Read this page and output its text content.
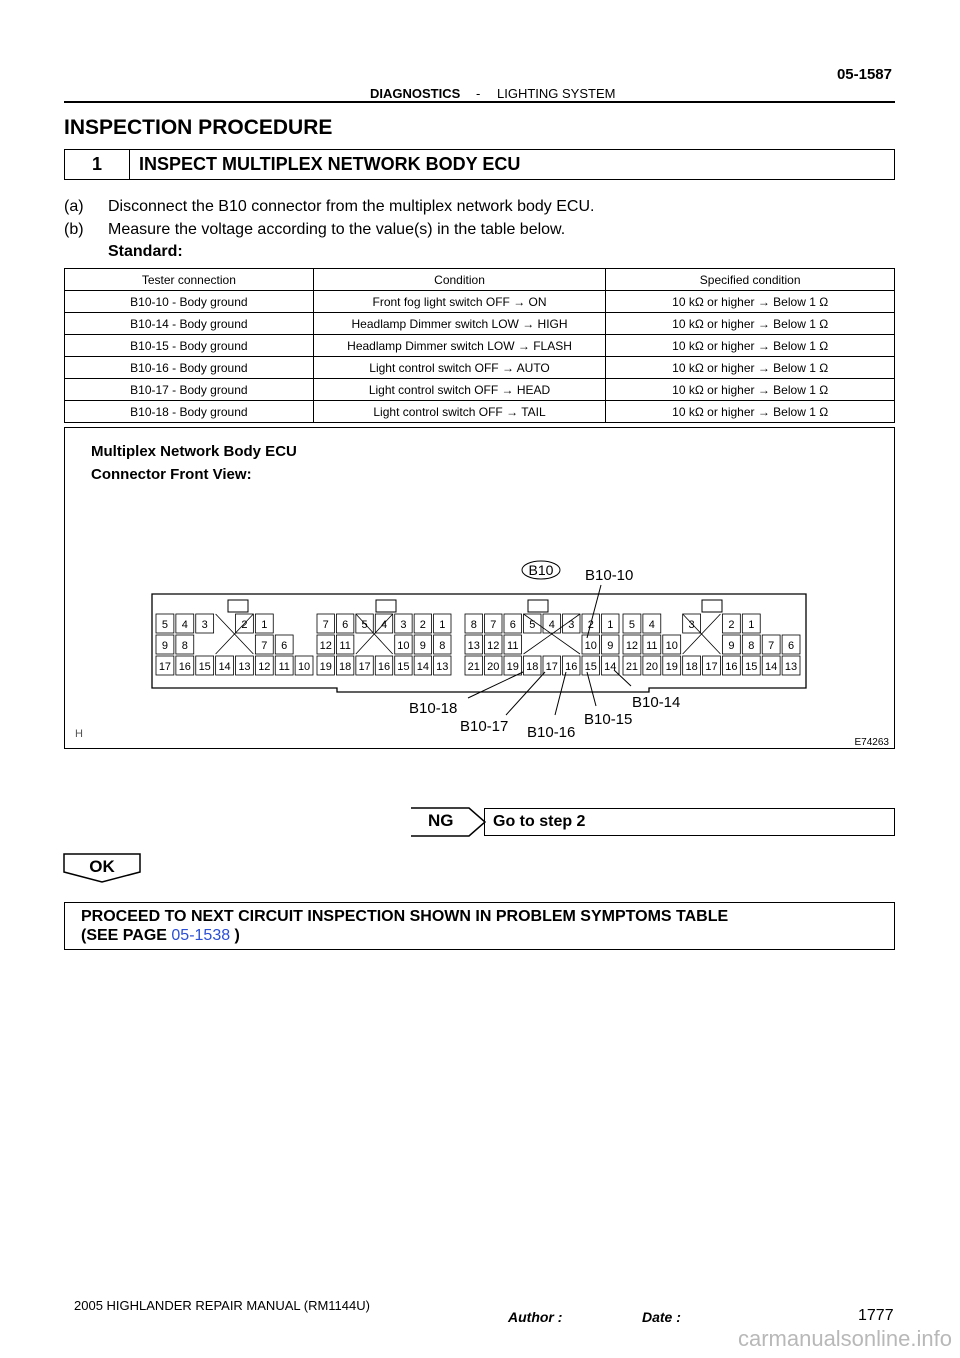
DIAGNOSTICS - LIGHTING SYSTEM
05-1587
INSPECTION PROCEDURE
1	INSPECT MULTIPLEX NETWORK BODY ECU
(a) Disconnect the B10 connector from the multiplex network body ECU.
(b) Measure the voltage according to the value(s) in the table below.
Standard:
Tester connection	Condition	Specified condition
B10-10 - Body ground	Front fog light switch OFF → ON	10 kΩ or higher → Below 1 Ω
B10-14 - Body ground	Headlamp Dimmer switch LOW → HIGH	10 kΩ or higher → Below 1 Ω
B10-15 - Body ground	Headlamp Dimmer switch LOW → FLASH	10 kΩ or higher → Below 1 Ω
B10-16 - Body ground	Light control switch OFF → AUTO	10 kΩ or higher → Below 1 Ω
B10-17 - Body ground	Light control switch OFF → HEAD	10 kΩ or higher → Below 1 Ω
B10-18 - Body ground	Light control switch OFF → TAIL	10 kΩ or higher → Below 1 Ω
Multiplex Network Body ECU
Connector Front View:
B10
5 4 3	2 1
9 8	7 6
17 16 15 14 13 12 11 10
7 6 5 4 3 2 1
12 11	10 9 8
19 18 17 16 15 14 13
8 7 6 5 4 3 2 1
13 12 11	10 9
21 20 19 18 17 16 15 14
5 4	3	2 1
12 11 10	9 8 7 6
21 20 19 18 17 16 15 14 13
B10-10
B10-14
B10-15
B10-16
B10-17
B10-18
H
E74263
NG Go to step 2
OK
PROCEED TO NEXT CIRCUIT INSPECTION SHOWN IN PROBLEM SYMPTOMS TABLE
(SEE PAGE 05-1538 )
2005 HIGHLANDER REPAIR MANUAL (RM1144U)
Author :	Date :	1777
carmanualsonline.info
